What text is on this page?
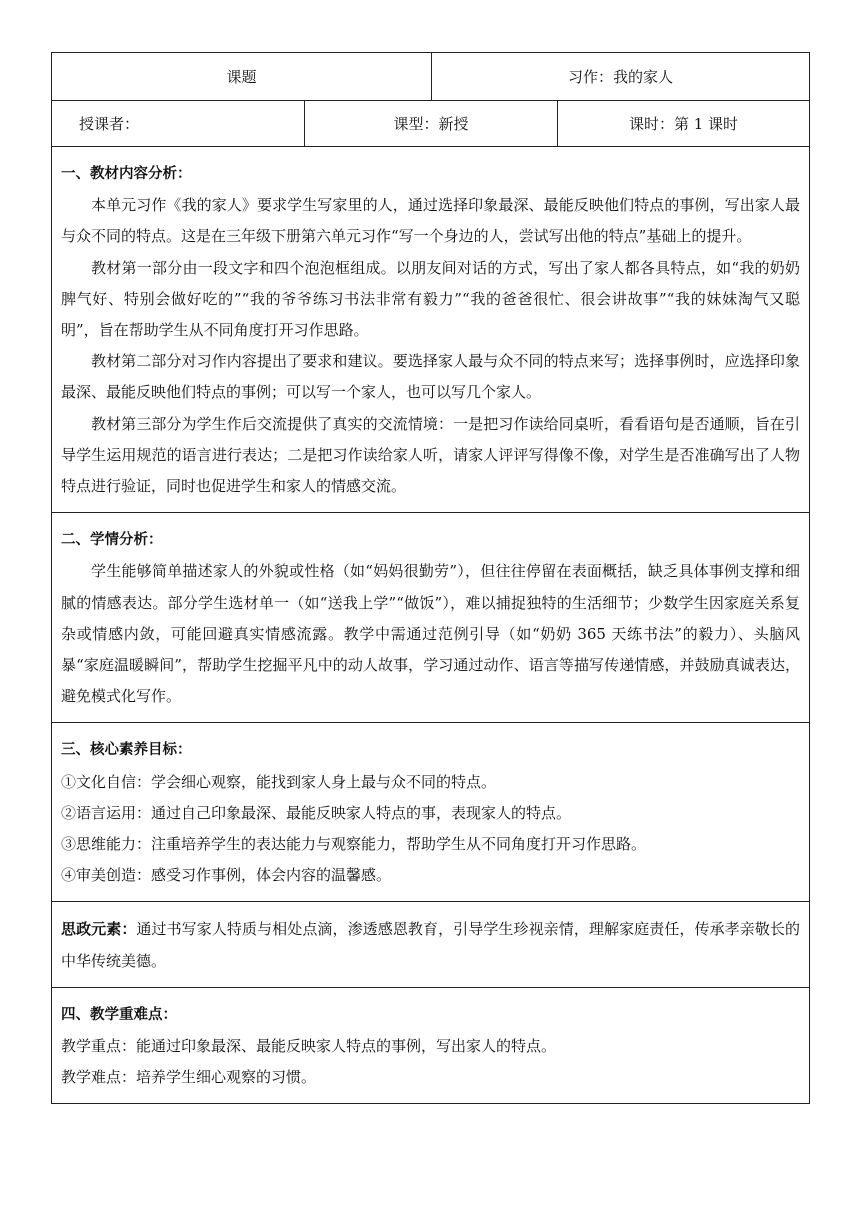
课题		习作：我的家人	
授课者：	课型：新授		课时：第 1 课时

一、教材内容分析：

本单元习作《我的家人》要求学生写家里的人，通过选择印象最深、最能反映他们特点的事例，写出家人最与众不同的特点。这是在三年级下册第六单元习作“写一个身边的人，尝试写出他的特点”基础上的提升。

教材第一部分由一段文字和四个泡泡框组成。以朋友间对话的方式，写出了家人都各具特点，如“我的奶奶脾气好、特别会做好吃的”“我的爷爷练习书法非常有毅力”“我的爸爸很忙、很会讲故事”“我的妹妹淘气又聪明”，旨在帮助学生从不同角度打开习作思路。

教材第二部分对习作内容提出了要求和建议。要选择家人最与众不同的特点来写；选择事例时，应选择印象最深、最能反映他们特点的事例；可以写一个家人，也可以写几个家人。

教材第三部分为学生作后交流提供了真实的交流情境：一是把习作读给同桌听，看看语句是否通顺，旨在引导学生运用规范的语言进行表达；二是把习作读给家人听，请家人评评写得像不像，对学生是否准确写出了人物特点进行验证，同时也促进学生和家人的情感交流。			

二、学情分析：

学生能够简单描述家人的外貌或性格（如“妈妈很勤劳”），但往往停留在表面概括，缺乏具体事例支撑和细腻的情感表达。部分学生选材单一（如“送我上学”“做饭”），难以捕捉独特的生活细节；少数学生因家庭关系复杂或情感内敛，可能回避真实情感流露。教学中需通过范例引导（如“奶奶 365 天练书法”的毅力）、头脑风暴“家庭温暖瞬间”，帮助学生挖掘平凡中的动人故事，学习通过动作、语言等描写传递情感，并鼓励真诚表达，避免模式化写作。			

三、核心素养目标：

①文化自信：学会细心观察，能找到家人身上最与众不同的特点。

②语言运用：通过自己印象最深、最能反映家人特点的事，表现家人的特点。

③思维能力：注重培养学生的表达能力与观察能力，帮助学生从不同角度打开习作思路。

④审美创造：感受习作事例，体会内容的温馨感。			

思政元素：通过书写家人特质与相处点滴，渗透感恩教育，引导学生珍视亲情，理解家庭责任，传承孝亲敬长的中华传统美德。			

四、教学重难点：

教学重点：能通过印象最深、最能反映家人特点的事例，写出家人的特点。

教学难点：培养学生细心观察的习惯。			
